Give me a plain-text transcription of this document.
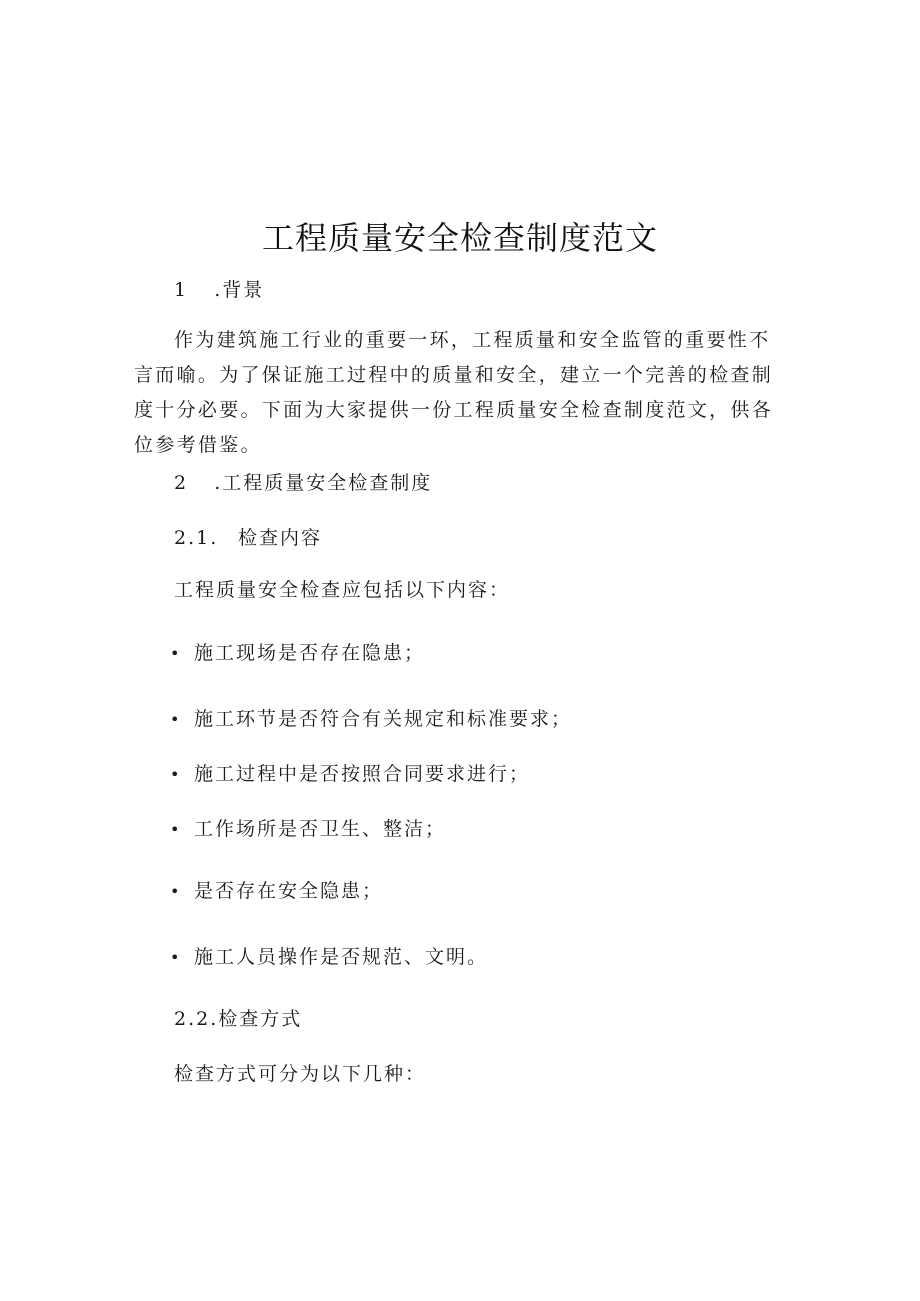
工程质量安全检查制度范文
1 .背景
作为建筑施工行业的重要一环，工程质量和安全监管的重要性不言而喻。为了保证施工过程中的质量和安全，建立一个完善的检查制度十分必要。下面为大家提供一份工程质量安全检查制度范文，供各位参考借鉴。
2 .工程质量安全检查制度
2.1. 检查内容
工程质量安全检查应包括以下内容：
• 施工现场是否存在隐患；
• 施工环节是否符合有关规定和标准要求；
• 施工过程中是否按照合同要求进行；
• 工作场所是否卫生、整洁；
• 是否存在安全隐患；
• 施工人员操作是否规范、文明。
2.2.检查方式
检查方式可分为以下几种：
